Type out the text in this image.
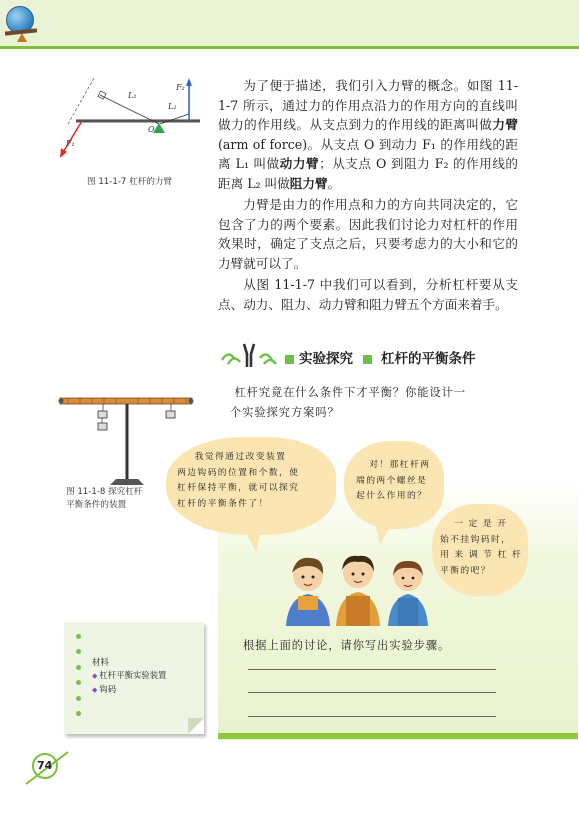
F₁
F₂
L₁
L₂
O
图 11-1-7 杠杆的力臂

为了便于描述，我们引入力臂的概念。如图 11-1-7 所示，通过力的作用点沿力的作用方向的直线叫做力的作用线。从支点到力的作用线的距离叫做力臂 (arm of force)。从支点 O 到动力 F₁ 的作用线的距离 L₁ 叫做动力臂；从支点 O 到阻力 F₂ 的作用线的距离 L₂ 叫做阻力臂。

力臂是由力的作用点和力的方向共同决定的，它包含了力的两个要素。因此我们讨论力对杠杆的作用效果时，确定了支点之后，只要考虑力的大小和它的力臂就可以了。

从图 11-1-7 中我们可以看到，分析杠杆要从支点、动力、阻力、动力臂和阻力臂五个方面来着手。

实验探究 杠杆的平衡条件
图 11-1-8 探究杠杆
平衡条件的装置
杠杆究竟在什么条件下才平衡？你能设计一
个实验探究方案吗？
我觉得通过改变装置
两边钩码的位置和个数，使
杠杆保持平衡，就可以探究
杠杆的平衡条件了！
对！那杠杆两
端的两个螺丝是
起什么作用的？
一 定 是 开
始不挂钩码时，
用 来 调 节 杠 杆
平衡的吧？
根据上面的讨论，请你写出实验步骤。
材料
◆ 杠杆平衡实验装置
◆ 钩码
74
